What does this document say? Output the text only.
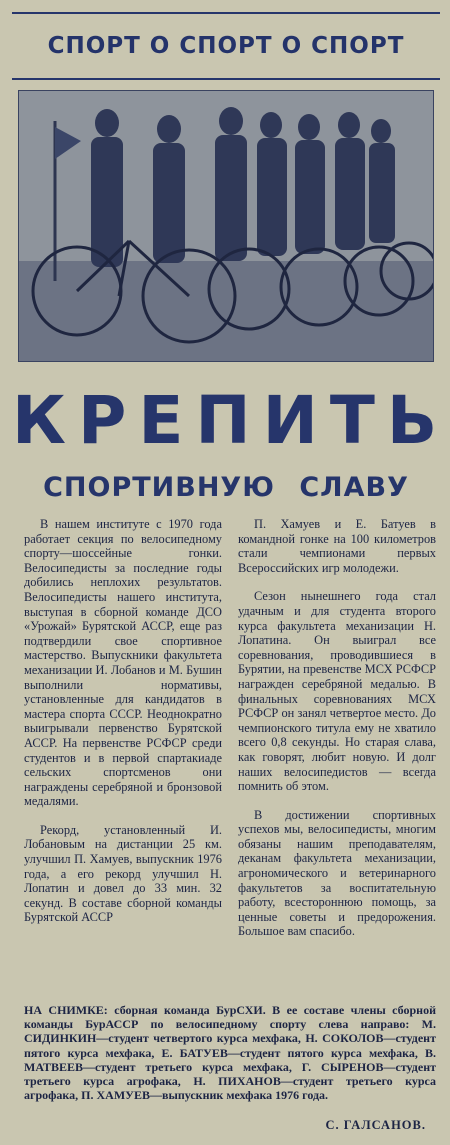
СПОРТ О СПОРТ О СПОРТ
КРЕПИТЬ
СПОРТИВНУЮ СЛАВУ

В нашем институте с 1970 года работает секция по велосипедному спорту—шоссейные гонки. Велосипедисты за последние годы добились неплохих результатов. Велосипедисты нашего института, выступая в сборной команде ДСО «Урожай» Бурятской АССР, еще раз подтвердили свое спортивное мастерство. Выпускники факультета механизации И. Лобанов и М. Бушин выполнили нормативы, установленные для кандидатов в мастера спорта СССР. Неоднократно выигрывали первенство Бурятской АССР. На первенстве РСФСР среди студентов и в первой спартакиаде сельских спортсменов они награждены серебряной и бронзовой медалями.

Рекорд, установленный И. Лобановым на дистанции 25 км. улучшил П. Хамуев, выпускник 1976 года, а его рекорд улучшил Н. Лопатин и довел до 33 мин. 32 секунд. В составе сборной команды Бурятской АССР

П. Хамуев и Е. Батуев в командной гонке на 100 километров стали чемпионами первых Всероссийских игр молодежи.

Сезон нынешнего года стал удачным и для студента второго курса факультета механизации Н. Лопатина. Он выиграл все соревнования, проводившиеся в Бурятии, на превенстве МСХ РСФСР награжден серебряной медалью. В финальных соревнованиях МСХ РСФСР он занял четвертое место. До чемпионского титула ему не хватило всего 0,8 секунды. Но старая слава, как говорят, любит новую. И долг наших велосипедистов — всегда помнить об этом.

В достижении спортивных успехов мы, велосипедисты, многим обязаны нашим преподавателям, деканам факультета механизации, агрономического и ветеринарного факультетов за воспитательную работу, всестороннюю помощь, за ценные советы и предорожения. Большое вам спасибо.

НА СНИМКЕ: сборная команда БурСХИ. В ее составе члены сборной команды БурАССР по велосипедному спорту слева направо: М. СИДИНКИН—студент четвертого курса мехфака, Н. СОКОЛОВ—студент пятого курса мехфака, Е. БАТУЕВ—студент пятого курса мехфака, В. МАТВЕЕВ—студент третьего курса мехфака, Г. СЫРЕНОВ—студент третьего курса агрофака, Н. ПИХАНОВ—студент третьего курса агрофака, П. ХАМУЕВ—выпускник мехфака 1976 года.
С. ГАЛСАНОВ.
